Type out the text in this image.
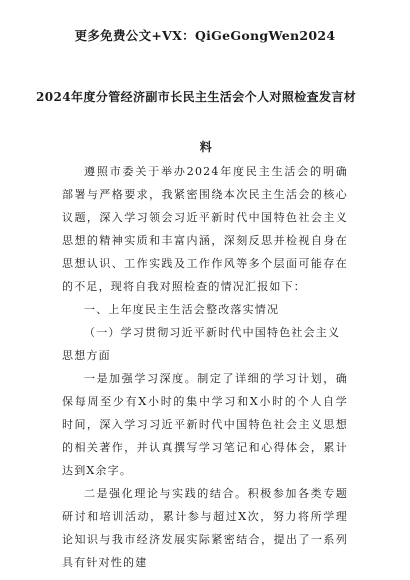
更多免费公文+VX：QiGeGongWen2024
2024年度分管经济副市长民主生活会个人对照检查发言材
料

遵照市委关于举办2024年度民主生活会的明确部署与严格要求，我紧密围绕本次民主生活会的核心议题，深入学习领会习近平新时代中国特色社会主义思想的精神实质和丰富内涵，深刻反思并检视自身在思想认识、工作实践及工作作风等多个层面可能存在的不足，现将自我对照检查的情况汇报如下：

一、上年度民主生活会整改落实情况

（一）学习贯彻习近平新时代中国特色社会主义思想方面

一是加强学习深度。制定了详细的学习计划，确保每周至少有X小时的集中学习和X小时的个人自学时间，深入学习习近平新时代中国特色社会主义思想的相关著作，并认真撰写学习笔记和心得体会，累计达到X余字。

二是强化理论与实践的结合。积极参加各类专题研讨和培训活动，累计参与超过X次，努力将所学理论知识与我市经济发展实际紧密结合，提出了一系列具有针对性的建
